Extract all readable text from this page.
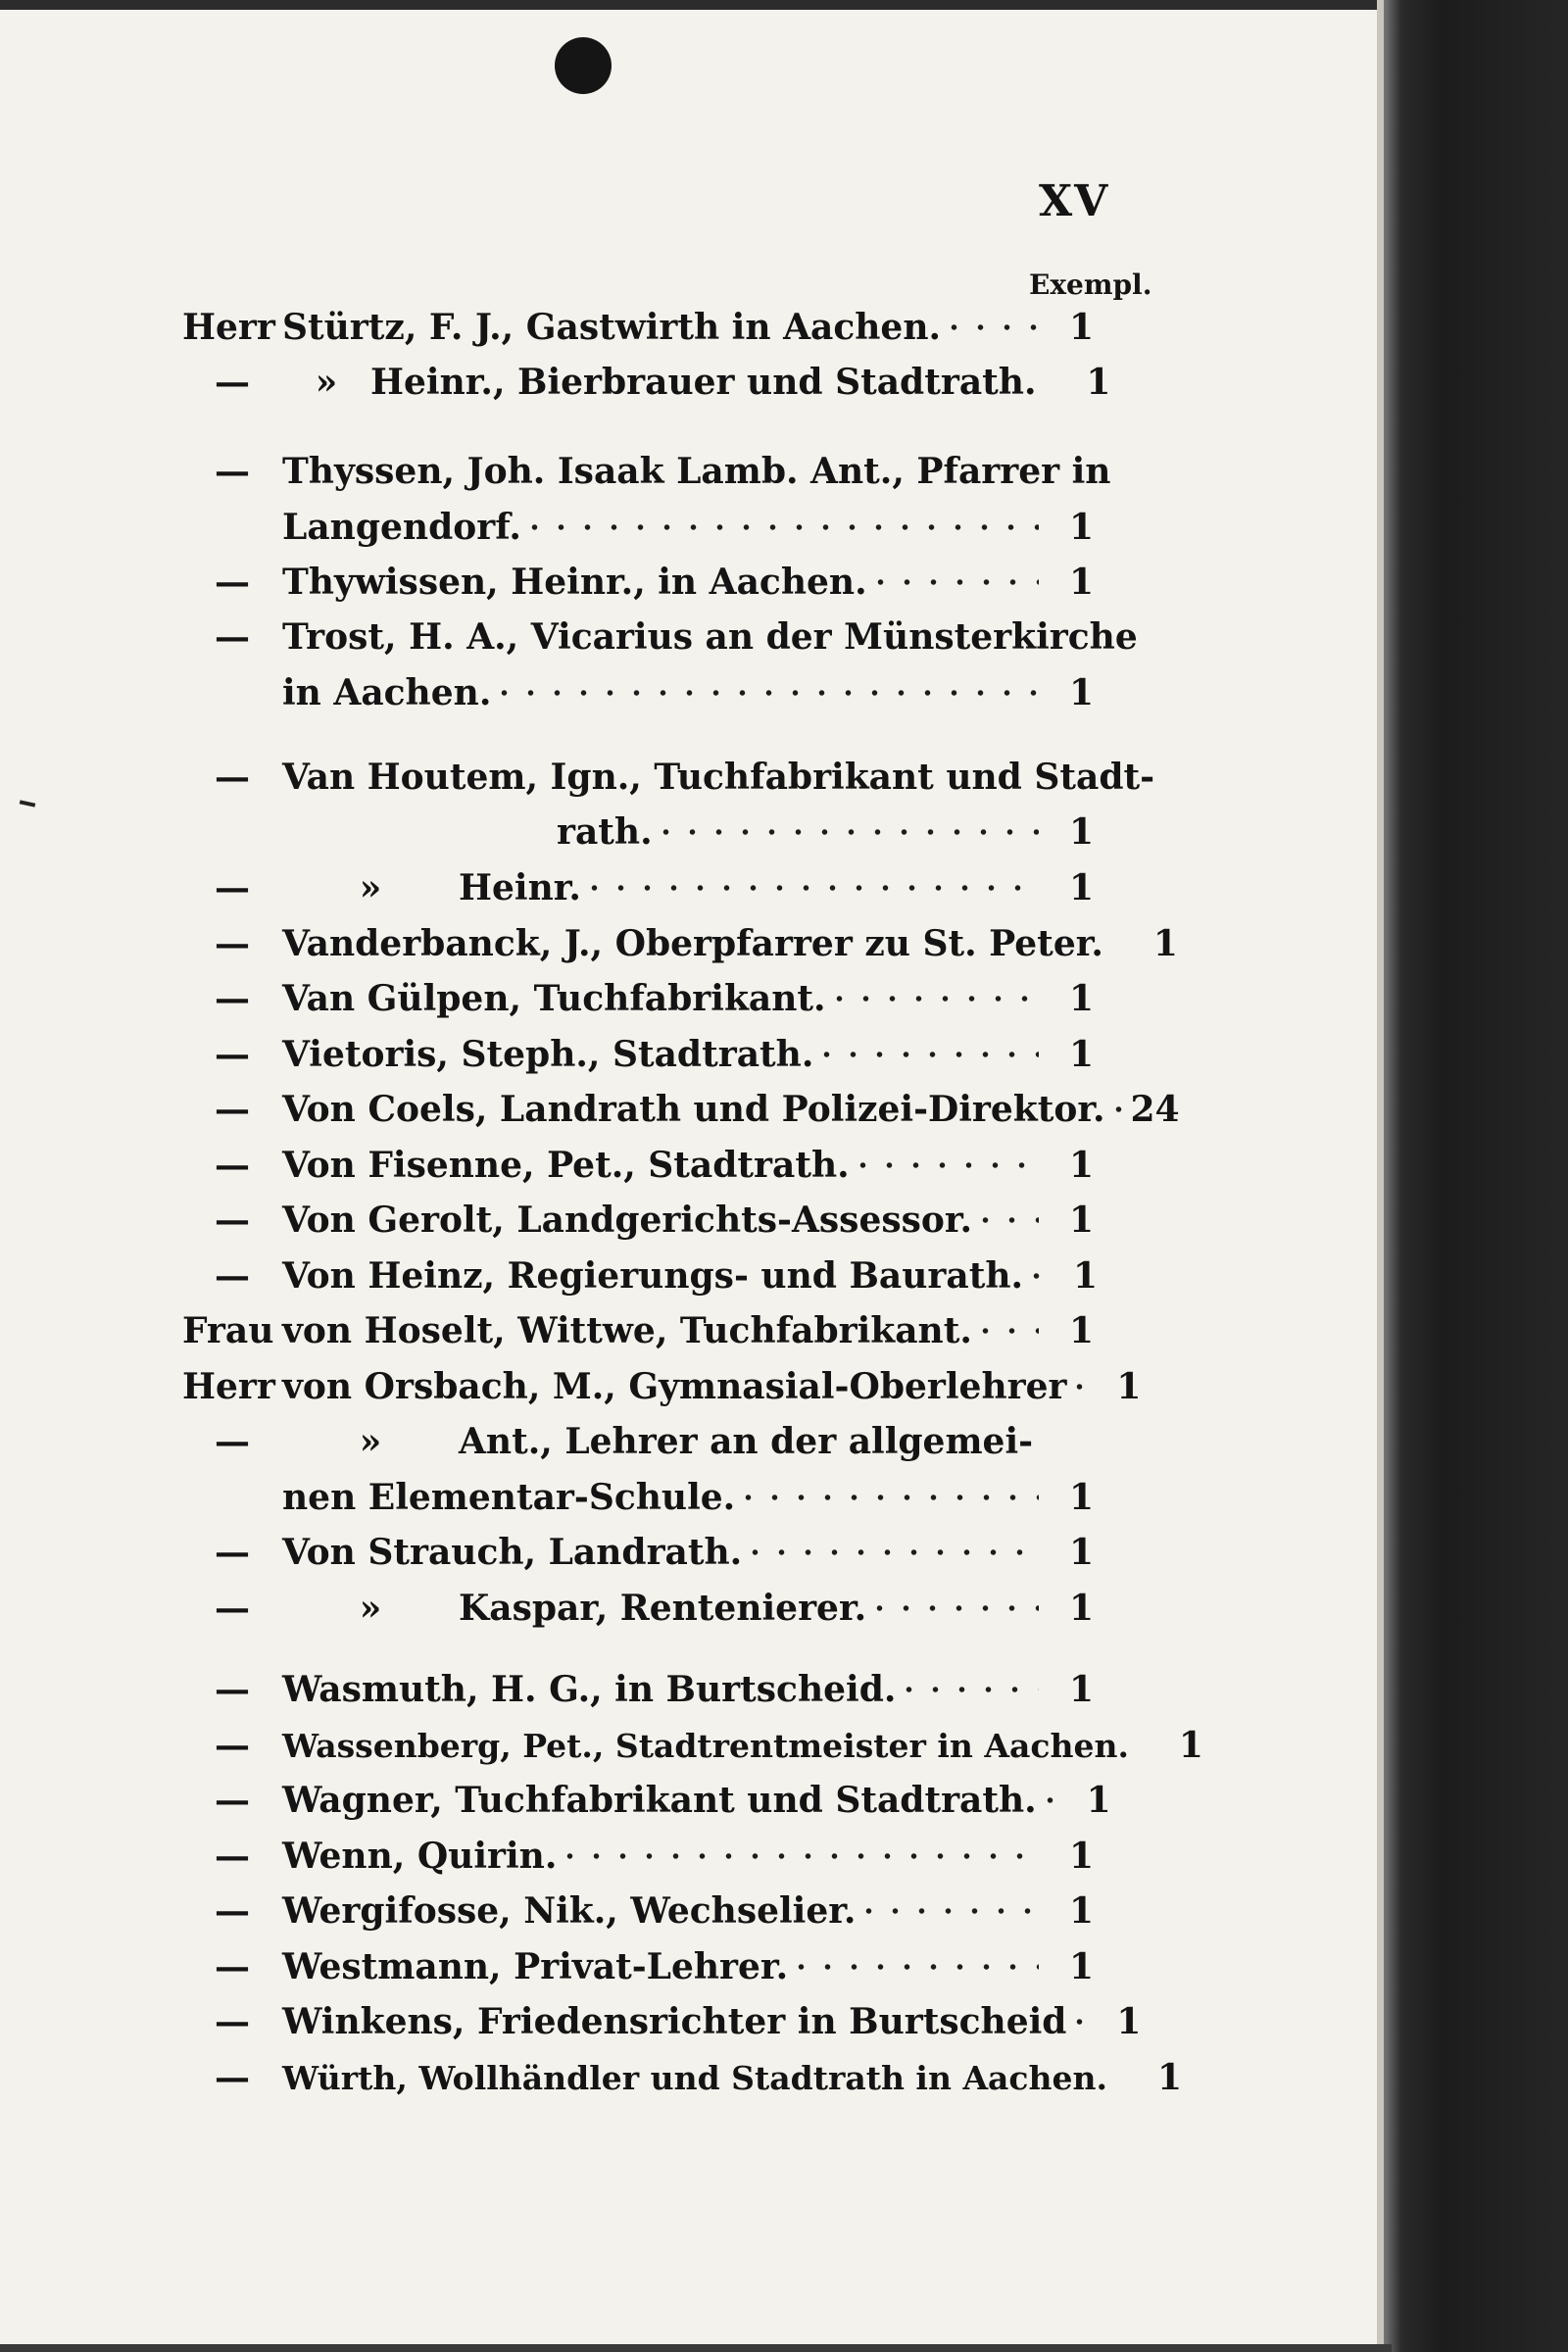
XV
Exempl.
Herr Stürtz, F. J., Gastwirth in Aachen.	1
—	» Heinr., Bierbrauer und Stadtrath.	1
— Thyssen, Joh. Isaak Lamb. Ant., Pfarrer in
Langendorf.	1
— Thywissen, Heinr., in Aachen.	1
— Trost, H. A., Vicarius an der Münsterkirche
in Aachen.	1
— Van Houtem, Ign., Tuchfabrikant und Stadt-
rath.	1
—	»	Heinr.	1
— Vanderbanck, J., Oberpfarrer zu St. Peter.	1
— Van Gülpen, Tuchfabrikant.	1
— Vietoris, Steph., Stadtrath.	1
— Von Coels, Landrath und Polizei-Direktor. 24
— Von Fisenne, Pet., Stadtrath.	1
— Von Gerolt, Landgerichts-Assessor.	1
— Von Heinz, Regierungs- und Baurath.	1
Frau von Hoselt, Wittwe, Tuchfabrikant.	1
Herr von Orsbach, M., Gymnasial-Oberlehrer	1
—	»	Ant., Lehrer an der allgemei-
nen Elementar-Schule.	1
— Von Strauch, Landrath.	1
—	»	Kaspar, Rentenierer.	1
— Wasmuth, H. G., in Burtscheid.	1
—	Wassenberg, Pet., Stadtrentmeister in Aachen.	1
— Wagner, Tuchfabrikant und Stadtrath.	1
— Wenn, Quirin.	1
— Wergifosse, Nik., Wechselier.	1
— Westmann, Privat-Lehrer.	1
— Winkens, Friedensrichter in Burtscheid	1
—	Würth, Wollhändler und Stadtrath in Aachen.	1
